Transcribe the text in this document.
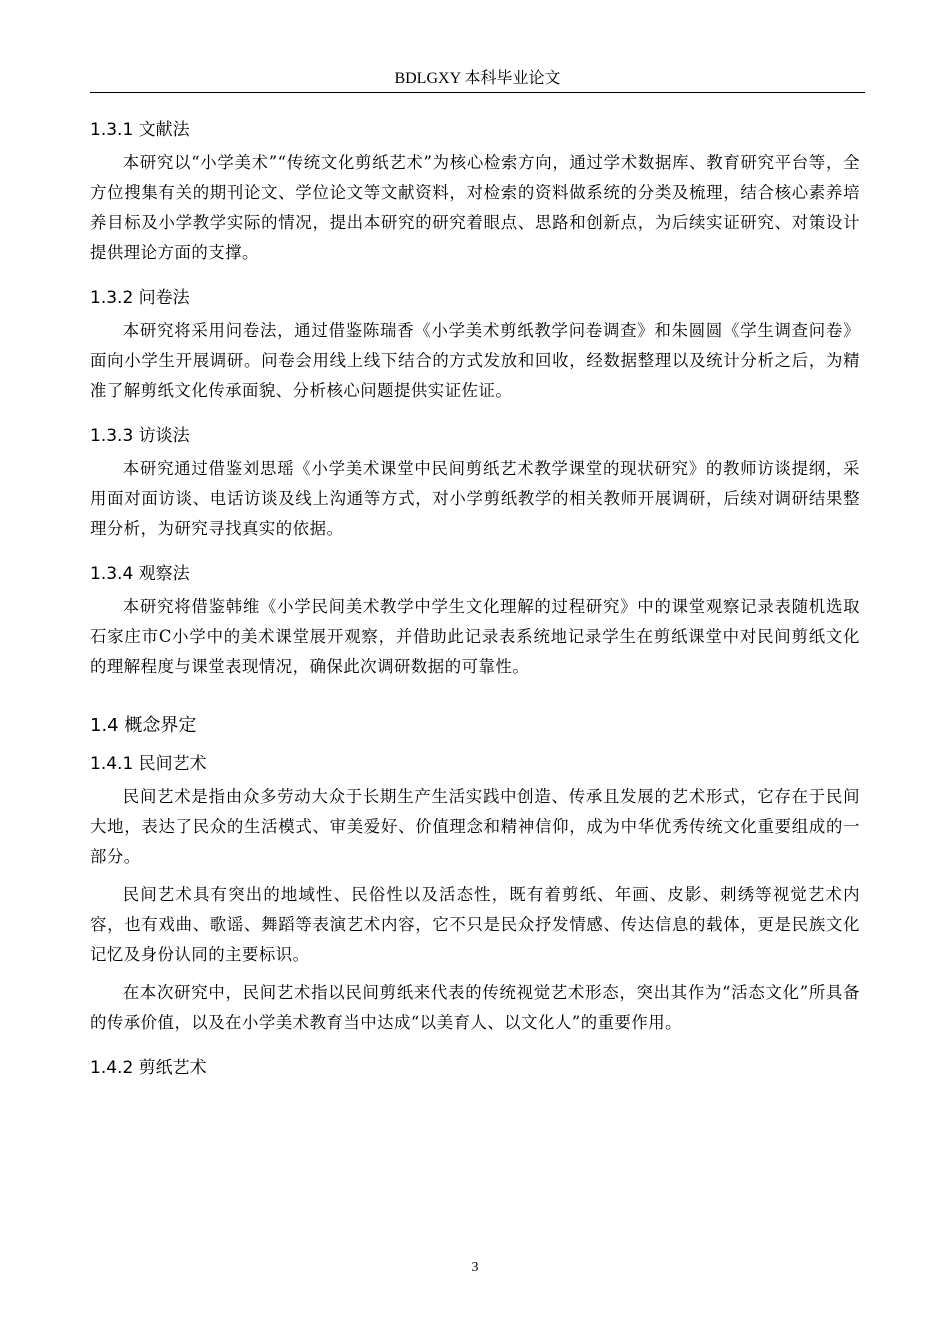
BDLGXY 本科毕业论文
1.3.1 文献法

本研究以“小学美术”“传统文化剪纸艺术”为核心检索方向，通过学术数据库、教育研究平台等，全方位搜集有关的期刊论文、学位论文等文献资料，对检索的资料做系统的分类及梳理，结合核心素养培养目标及小学教学实际的情况，提出本研究的研究着眼点、思路和创新点，为后续实证研究、对策设计提供理论方面的支撑。

1.3.2 问卷法

本研究将采用问卷法，通过借鉴陈瑞香《小学美术剪纸教学问卷调查》和朱圆圆《学生调查问卷》面向小学生开展调研。问卷会用线上线下结合的方式发放和回收，经数据整理以及统计分析之后，为精准了解剪纸文化传承面貌、分析核心问题提供实证佐证。

1.3.3 访谈法

本研究通过借鉴刘思瑶《小学美术课堂中民间剪纸艺术教学课堂的现状研究》的教师访谈提纲，采用面对面访谈、电话访谈及线上沟通等方式，对小学剪纸教学的相关教师开展调研，后续对调研结果整理分析，为研究寻找真实的依据。

1.3.4 观察法

本研究将借鉴韩维《小学民间美术教学中学生文化理解的过程研究》中的课堂观察记录表随机选取石家庄市C小学中的美术课堂展开观察，并借助此记录表系统地记录学生在剪纸课堂中对民间剪纸文化的理解程度与课堂表现情况，确保此次调研数据的可靠性。

1.4 概念界定
1.4.1 民间艺术

民间艺术是指由众多劳动大众于长期生产生活实践中创造、传承且发展的艺术形式，它存在于民间大地，表达了民众的生活模式、审美爱好、价值理念和精神信仰，成为中华优秀传统文化重要组成的一部分。

民间艺术具有突出的地域性、民俗性以及活态性，既有着剪纸、年画、皮影、刺绣等视觉艺术内容，也有戏曲、歌谣、舞蹈等表演艺术内容，它不只是民众抒发情感、传达信息的载体，更是民族文化记忆及身份认同的主要标识。

在本次研究中，民间艺术指以民间剪纸来代表的传统视觉艺术形态，突出其作为“活态文化”所具备的传承价值，以及在小学美术教育当中达成“以美育人、以文化人”的重要作用。

1.4.2 剪纸艺术
3
